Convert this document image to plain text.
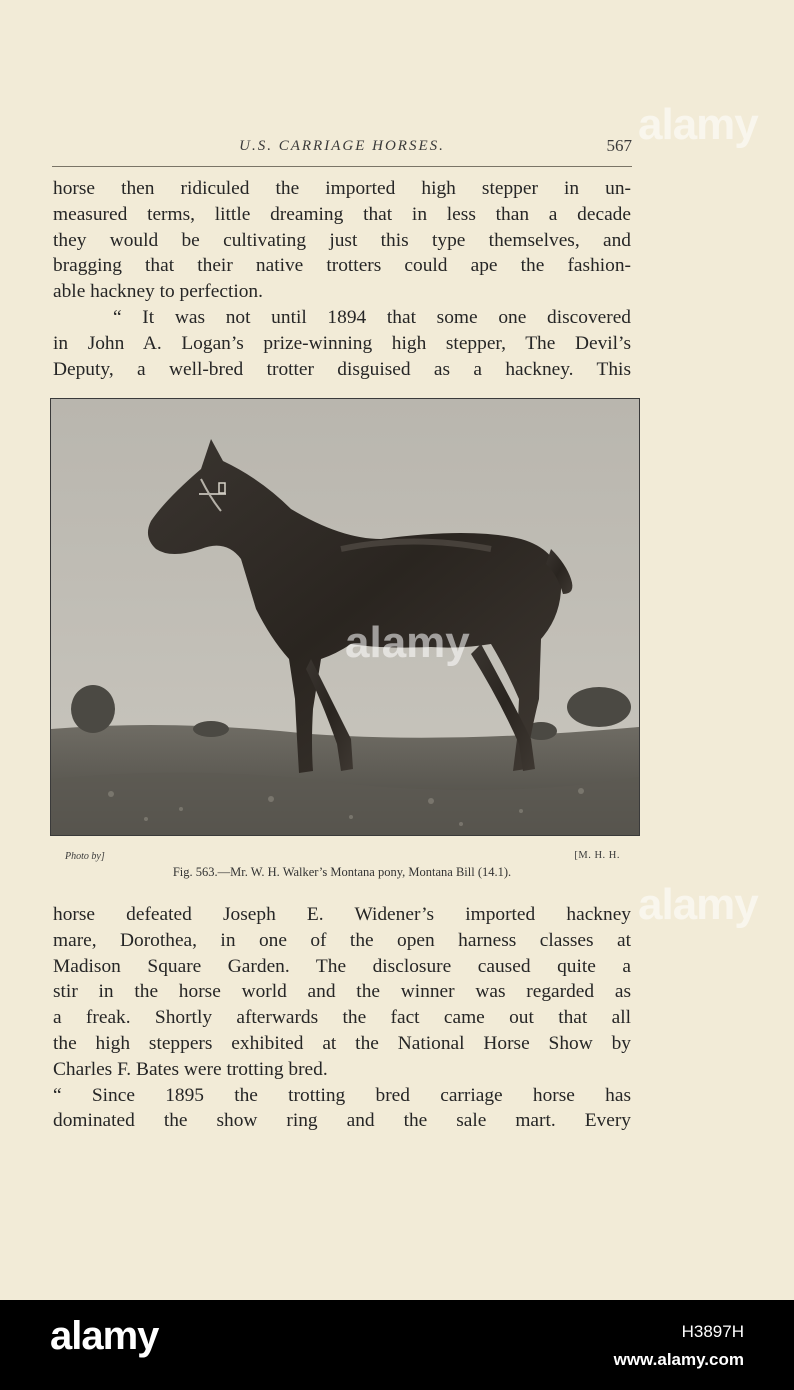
U.S. CARRIAGE HORSES.	567
horse then ridiculed the imported high stepper in un-
measured terms, little dreaming that in less than a decade
they would be cultivating just this type themselves, and
bragging that their native trotters could ape the fashion-
able hackney to perfection.
“ It was not until 1894 that some one discovered
in John A. Logan’s prize-winning high stepper, The Devil’s
Deputy, a well-bred trotter disguised as a hackney. This
alamy
Photo by]	[M. H. H.
Fig. 563.—Mr. W. H. Walker’s Montana pony, Montana Bill (14.1).
horse defeated Joseph E. Widener’s imported hackney
mare, Dorothea, in one of the open harness classes at
Madison Square Garden. The disclosure caused quite a
stir in the horse world and the winner was regarded as
a freak. Shortly afterwards the fact came out that all
the high steppers exhibited at the National Horse Show by
Charles F. Bates were trotting bred.
“ Since 1895 the trotting bred carriage horse has
dominated the show ring and the sale mart. Every
alamy
alamy
alamy	H3897H
www.alamy.com
